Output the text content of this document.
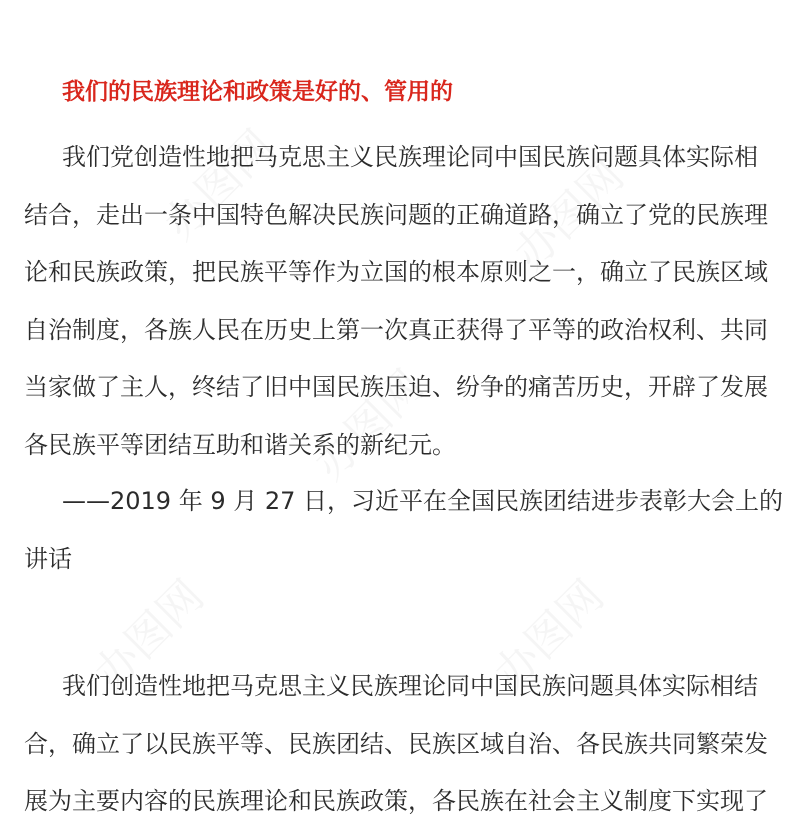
办图网	办图网
办图网
办图网	办图网
我们的民族理论和政策是好的、管用的
我们党创造性地把马克思主义民族理论同中国民族问题具体实际相
结合，走出一条中国特色解决民族问题的正确道路，确立了党的民族理
论和民族政策，把民族平等作为立国的根本原则之一，确立了民族区域
自治制度，各族人民在历史上第一次真正获得了平等的政治权利、共同
当家做了主人，终结了旧中国民族压迫、纷争的痛苦历史，开辟了发展
各民族平等团结互助和谐关系的新纪元。
——2019 年 9 月 27 日，习近平在全国民族团结进步表彰大会上的
讲话
我们创造性地把马克思主义民族理论同中国民族问题具体实际相结
合，确立了以民族平等、民族团结、民族区域自治、各民族共同繁荣发
展为主要内容的民族理论和民族政策，各民族在社会主义制度下实现了
